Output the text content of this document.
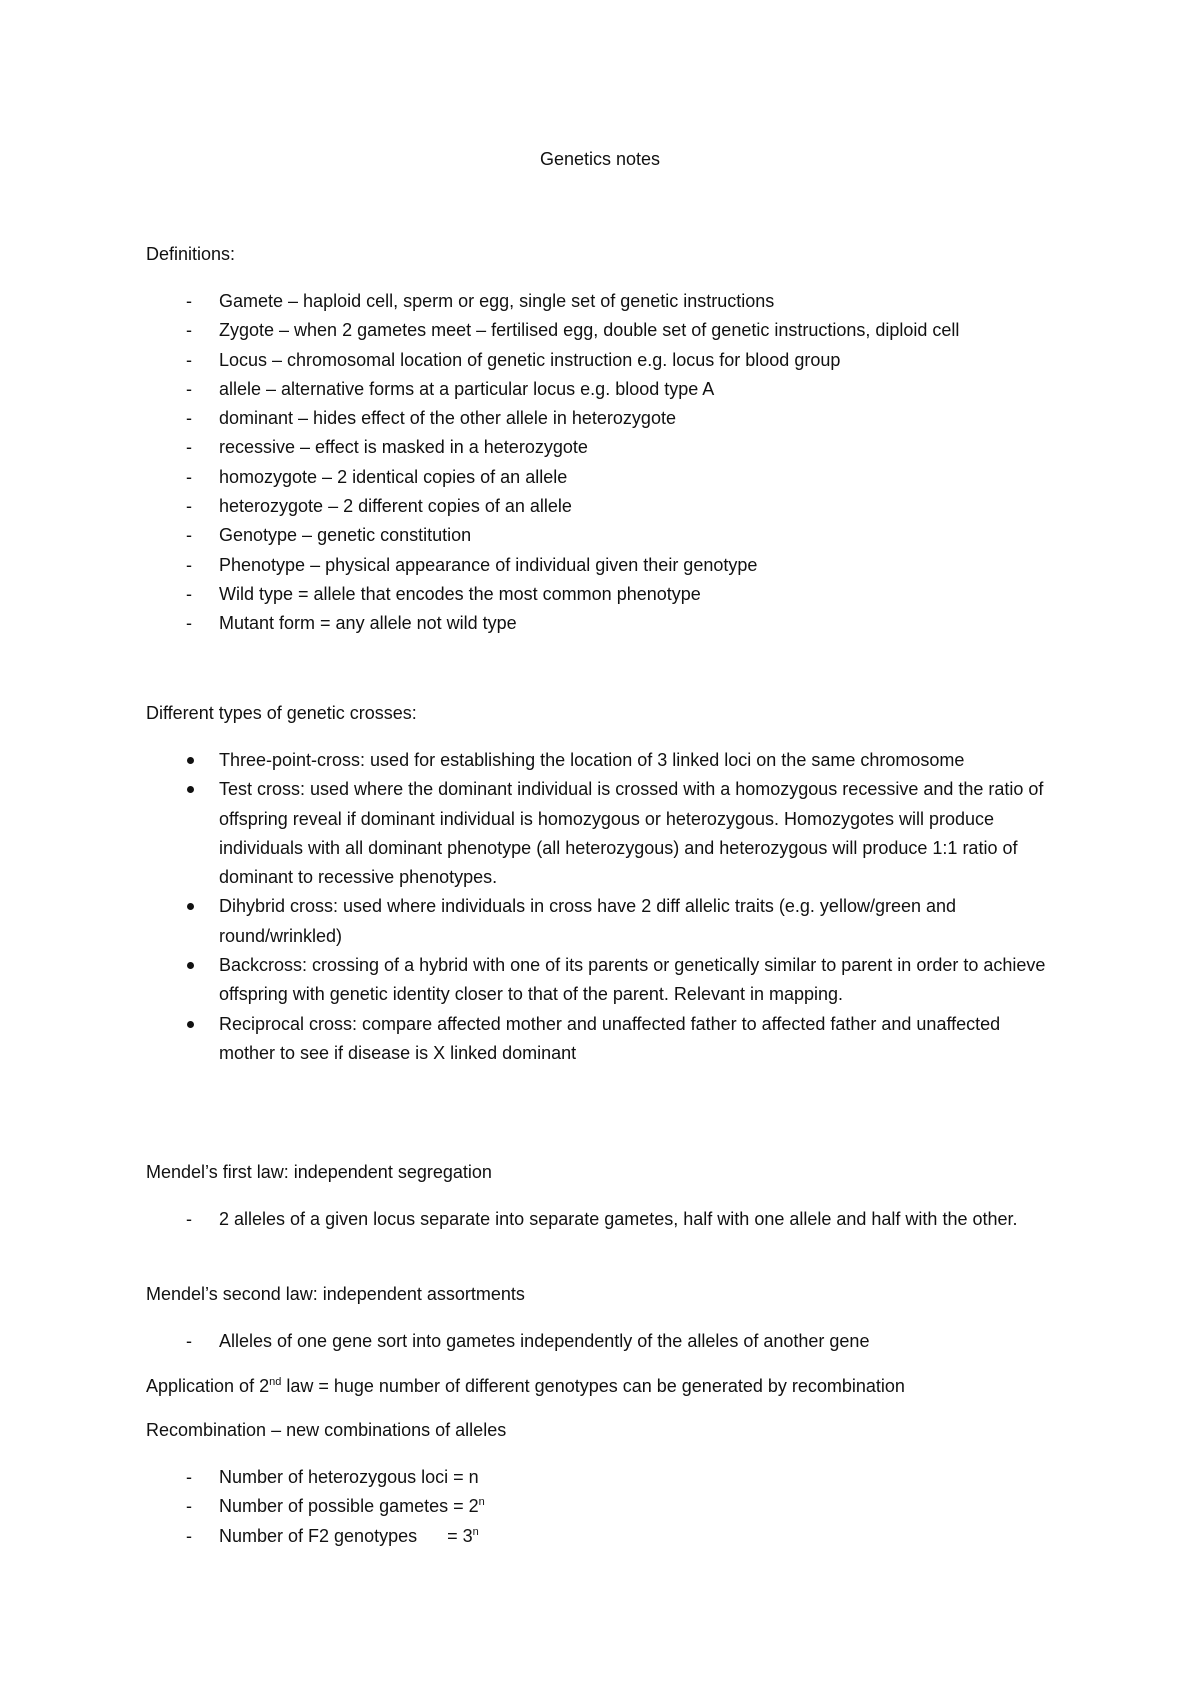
Genetics notes

Definitions:

- Gamete – haploid cell, sperm or egg, single set of genetic instructions
- Zygote – when 2 gametes meet – fertilised egg, double set of genetic instructions, diploid cell
- Locus – chromosomal location of genetic instruction e.g. locus for blood group
- allele – alternative forms at a particular locus e.g. blood type A
- dominant – hides effect of the other allele in heterozygote
- recessive – effect is masked in a heterozygote
- homozygote – 2 identical copies of an allele
- heterozygote – 2 different copies of an allele
- Genotype – genetic constitution
- Phenotype – physical appearance of individual given their genotype
- Wild type = allele that encodes the most common phenotype
- Mutant form = any allele not wild type

Different types of genetic crosses:

Three-point-cross: used for establishing the location of 3 linked loci on the same chromosome
Test cross: used where the dominant individual is crossed with a homozygous recessive and the ratio of offspring reveal if dominant individual is homozygous or heterozygous. Homozygotes will produce individuals with all dominant phenotype (all heterozygous) and heterozygous will produce 1:1 ratio of dominant to recessive phenotypes.
Dihybrid cross: used where individuals in cross have 2 diff allelic traits (e.g. yellow/green and round/wrinkled)
Backcross: crossing of a hybrid with one of its parents or genetically similar to parent in order to achieve offspring with genetic identity closer to that of the parent. Relevant in mapping.
Reciprocal cross: compare affected mother and unaffected father to affected father and unaffected mother to see if disease is X linked dominant

Mendel’s first law: independent segregation

- 2 alleles of a given locus separate into separate gametes, half with one allele and half with the other.

Mendel’s second law: independent assortments

- Alleles of one gene sort into gametes independently of the alleles of another gene

Application of 2nd law = huge number of different genotypes can be generated by recombination

Recombination – new combinations of alleles

- Number of heterozygous loci = n
- Number of possible gametes = $2^n$
- Number of F2 genotypes = $3^n$
